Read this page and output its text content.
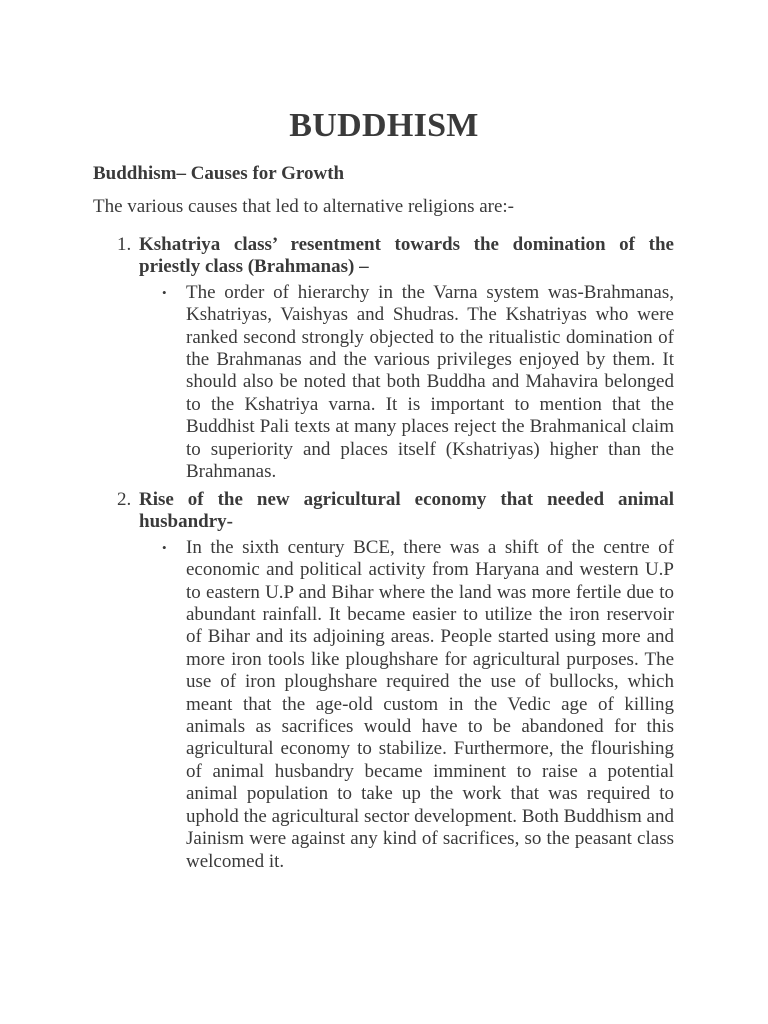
BUDDHISM
Buddhism– Causes for Growth

The various causes that led to alternative religions are:-

1. Kshatriya class’ resentment towards the domination of the priestly class (Brahmanas) –
• The order of hierarchy in the Varna system was-Brahmanas, Kshatriyas, Vaishyas and Shudras. The Kshatriyas who were ranked second strongly objected to the ritualistic domination of the Brahmanas and the various privileges enjoyed by them. It should also be noted that both Buddha and Mahavira belonged to the Kshatriya varna. It is important to mention that the Buddhist Pali texts at many places reject the Brahmanical claim to superiority and places itself (Kshatriyas) higher than the Brahmanas.
2. Rise of the new agricultural economy that needed animal husbandry-
• In the sixth century BCE, there was a shift of the centre of economic and political activity from Haryana and western U.P to eastern U.P and Bihar where the land was more fertile due to abundant rainfall. It became easier to utilize the iron reservoir of Bihar and its adjoining areas. People started using more and more iron tools like ploughshare for agricultural purposes. The use of iron ploughshare required the use of bullocks, which meant that the age-old custom in the Vedic age of killing animals as sacrifices would have to be abandoned for this agricultural economy to stabilize. Furthermore, the flourishing of animal husbandry became imminent to raise a potential animal population to take up the work that was required to uphold the agricultural sector development. Both Buddhism and Jainism were against any kind of sacrifices, so the peasant class welcomed it.
